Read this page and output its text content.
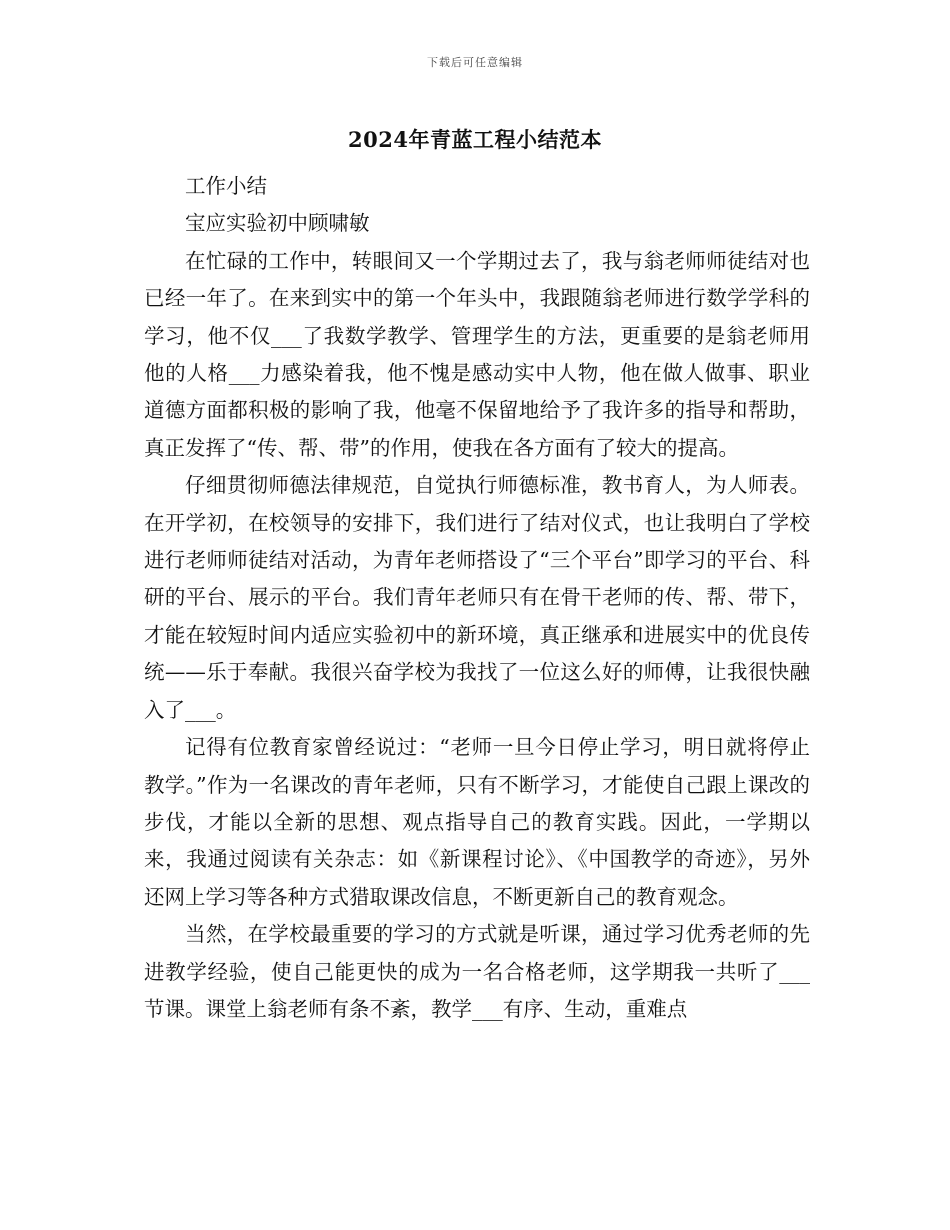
下载后可任意编辑
2024年青蓝工程小结范本

工作小结

宝应实验初中顾啸敏

在忙碌的工作中，转眼间又一个学期过去了，我与翁老师师徒结对也已经一年了。在来到实中的第一个年头中，我跟随翁老师进行数学学科的学习，他不仅___了我数学教学、管理学生的方法，更重要的是翁老师用他的人格___力感染着我，他不愧是感动实中人物，他在做人做事、职业道德方面都积极的影响了我，他毫不保留地给予了我许多的指导和帮助，真正发挥了“传、帮、带”的作用，使我在各方面有了较大的提高。

仔细贯彻师德法律规范，自觉执行师德标准，教书育人，为人师表。在开学初，在校领导的安排下，我们进行了结对仪式，也让我明白了学校进行老师师徒结对活动，为青年老师搭设了“三个平台”即学习的平台、科研的平台、展示的平台。我们青年老师只有在骨干老师的传、帮、带下，才能在较短时间内适应实验初中的新环境，真正继承和进展实中的优良传统——乐于奉献。我很兴奋学校为我找了一位这么好的师傅，让我很快融入了___。

记得有位教育家曾经说过：“老师一旦今日停止学习，明日就将停止教学。”作为一名课改的青年老师，只有不断学习，才能使自己跟上课改的步伐，才能以全新的思想、观点指导自己的教育实践。因此，一学期以来，我通过阅读有关杂志：如《新课程讨论》、《中国教学的奇迹》，另外还网上学习等各种方式猎取课改信息，不断更新自己的教育观念。

当然，在学校最重要的学习的方式就是听课，通过学习优秀老师的先进教学经验，使自己能更快的成为一名合格老师，这学期我一共听了___节课。课堂上翁老师有条不紊，教学___有序、生动，重难点
